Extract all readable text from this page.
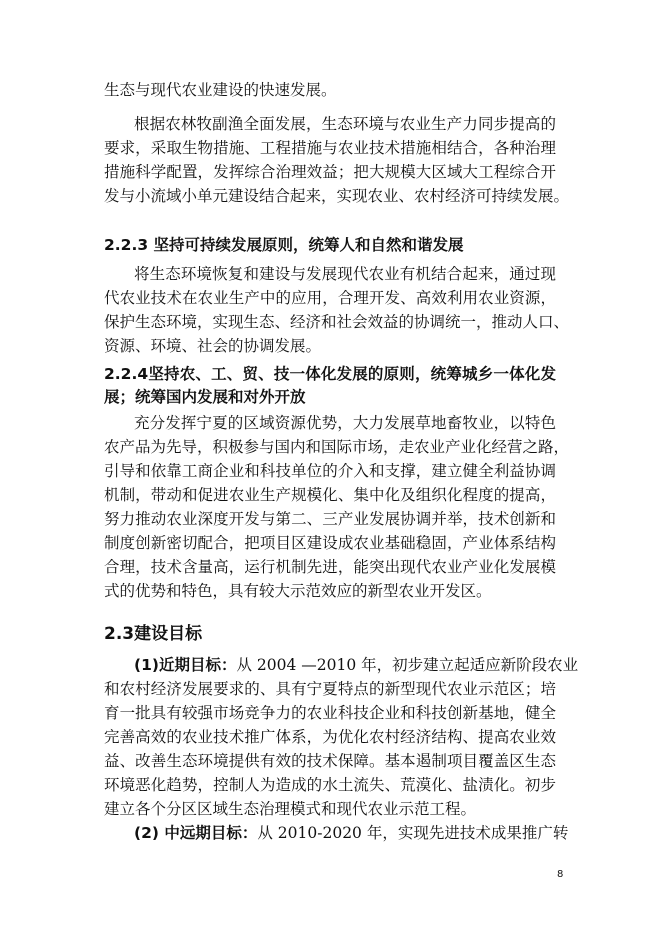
生态与现代农业建设的快速发展。
根据农林牧副渔全面发展，生态环境与农业生产力同步提高的
要求，采取生物措施、工程措施与农业技术措施相结合，各种治理
措施科学配置，发挥综合治理效益；把大规模大区域大工程综合开
发与小流域小单元建设结合起来，实现农业、农村经济可持续发展。
2.2.3 坚持可持续发展原则，统筹人和自然和谐发展
将生态环境恢复和建设与发展现代农业有机结合起来，通过现
代农业技术在农业生产中的应用，合理开发、高效利用农业资源，
保护生态环境，实现生态、经济和社会效益的协调统一，推动人口、
资源、环境、社会的协调发展。
2.2.4坚持农、工、贸、技一体化发展的原则，统筹城乡一体化发
展；统筹国内发展和对外开放
充分发挥宁夏的区域资源优势，大力发展草地畜牧业，以特色
农产品为先导，积极参与国内和国际市场，走农业产业化经营之路，
引导和依靠工商企业和科技单位的介入和支撑，建立健全利益协调
机制，带动和促进农业生产规模化、集中化及组织化程度的提高，
努力推动农业深度开发与第二、三产业发展协调并举，技术创新和
制度创新密切配合，把项目区建设成农业基础稳固，产业体系结构
合理，技术含量高，运行机制先进，能突出现代农业产业化发展模
式的优势和特色，具有较大示范效应的新型农业开发区。
2.3建设目标
(1)近期目标：从 2004 —2010 年，初步建立起适应新阶段农业
和农村经济发展要求的、具有宁夏特点的新型现代农业示范区；培
育一批具有较强市场竞争力的农业科技企业和科技创新基地，健全
完善高效的农业技术推广体系，为优化农村经济结构、提高农业效
益、改善生态环境提供有效的技术保障。基本遏制项目覆盖区生态
环境恶化趋势，控制人为造成的水土流失、荒漠化、盐渍化。初步
建立各个分区区域生态治理模式和现代农业示范工程。
(2) 中远期目标：从 2010-2020 年，实现先进技术成果推广转
8
